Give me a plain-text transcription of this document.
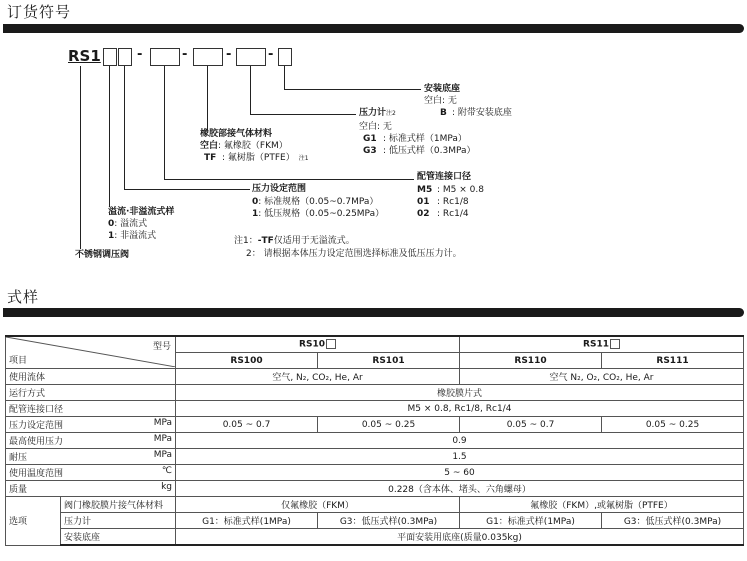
订货符号
RS1	-	-	-	-
安装底座
空白: 无
B : 附带安装底座
压力计$^{注2}$
空白: 无
G1 : 标准式样（1MPa）
G3 : 低压式样（0.3MPa）
配管连接口径
M5 : M5 × 0.8
01 : Rc1/8
02 : Rc1/4
橡胶部接气体材料
空白: 氟橡胶（FKM）
TF : 氟树脂（PTFE） $^{注1}$
压力设定范围
0: 标准规格（0.05~0.7MPa）
1: 低压规格（0.05~0.25MPa）
溢流·非溢流式样
0: 溢流式
1: 非溢流式
不锈钢调压阀
注1：-TF仅适用于无溢流式。
2： 请根据本体压力设定范围选择标准及低压压力计。
式样
型号
项目		RS10		RS11	
		RS100	RS101	RS110	RS111
使用流体		空气, N₂, CO₂, He, Ar		空气 N₂, O₂, CO₂, He, Ar	
运行方式		橡胶膜片式			
配管连接口径		M5 × 0.8, Rc1/8, Rc1/4			

压力设定范围 MPa		0.05 ~ 0.7	0.05 ~ 0.25	0.05 ~ 0.7	0.05 ~ 0.25

最高使用压力 MPa		0.9			

耐压 MPa		1.5			

使用温度范围 ℃		5 ~ 60			

质量 kg		0.228（含本体、堵头、六角螺母）			
选项	阀门橡胶膜片接气体材料	仅氟橡胶（FKM）		氟橡胶（FKM）,或氟树脂（PTFE）	
	压力计	G1：标准式样(1MPa)	G3：低压式样(0.3MPa)	G1：标准式样(1MPa)	G3：低压式样(0.3MPa)
	安装底座	平面安装用底座(质量0.035kg)			
